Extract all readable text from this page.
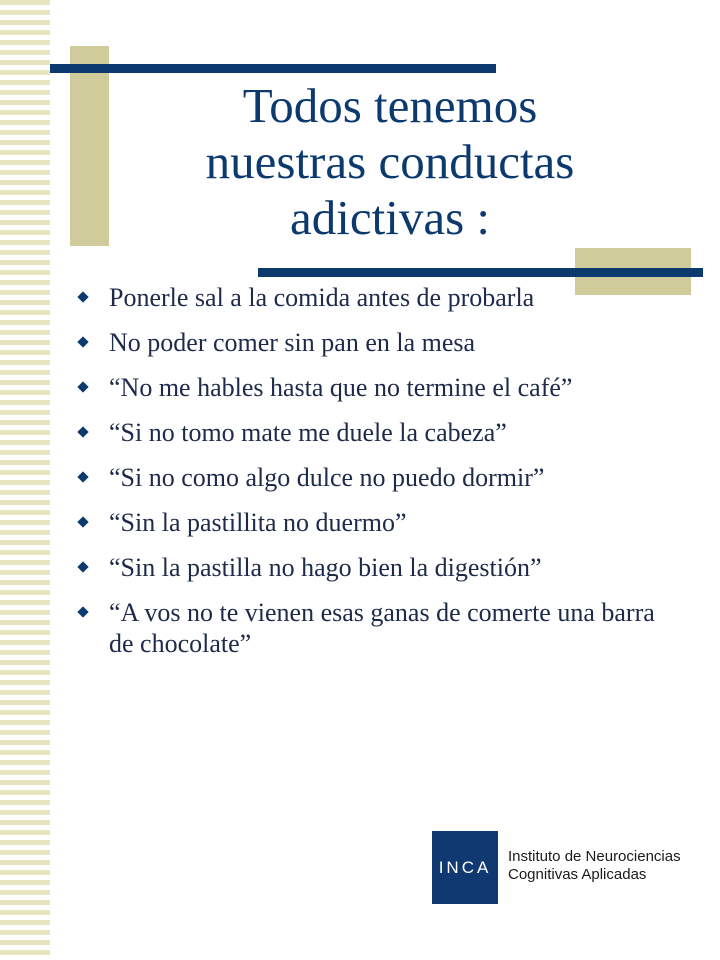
Todos tenemos
nuestras conductas
adictivas :
Ponerle sal a la comida antes de probarla
No poder comer sin pan en la mesa
“No me hables hasta que no termine el café”
“Si no tomo mate me duele la cabeza”
“Si no como algo dulce no puedo dormir”
“Sin la pastillita no duermo”
“Sin la pastilla no hago bien la digestión”
“A vos no te vienen esas ganas de comerte una barra de chocolate”
INCA
Instituto de Neurociencias
Cognitivas Aplicadas
